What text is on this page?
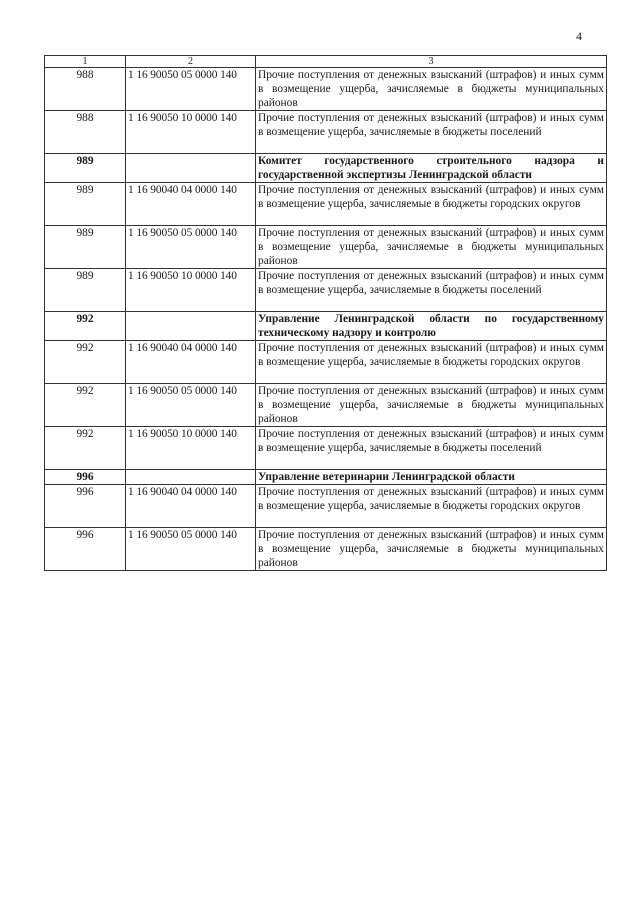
4
1	2	3
988	1 16 90050 05 0000 140	Прочие поступления от денежных взысканий (штрафов) и иных сумм в возмещение ущерба, зачисляемые в бюджеты муниципальных районов
988	1 16 90050 10 0000 140	Прочие поступления от денежных взысканий (штрафов) и иных сумм в возмещение ущерба, зачисляемые в бюджеты поселений
989		Комитет государственного строительного надзора и государственной экспертизы Ленинградской области
989	1 16 90040 04 0000 140	Прочие поступления от денежных взысканий (штрафов) и иных сумм в возмещение ущерба, зачисляемые в бюджеты городских округов
989	1 16 90050 05 0000 140	Прочие поступления от денежных взысканий (штрафов) и иных сумм в возмещение ущерба, зачисляемые в бюджеты муниципальных районов
989	1 16 90050 10 0000 140	Прочие поступления от денежных взысканий (штрафов) и иных сумм в возмещение ущерба, зачисляемые в бюджеты поселений
992		Управление Ленинградской области по государственному техническому надзору и контролю
992	1 16 90040 04 0000 140	Прочие поступления от денежных взысканий (штрафов) и иных сумм в возмещение ущерба, зачисляемые в бюджеты городских округов
992	1 16 90050 05 0000 140	Прочие поступления от денежных взысканий (штрафов) и иных сумм в возмещение ущерба, зачисляемые в бюджеты муниципальных районов
992	1 16 90050 10 0000 140	Прочие поступления от денежных взысканий (штрафов) и иных сумм в возмещение ущерба, зачисляемые в бюджеты поселений
996		Управление ветеринарии Ленинградской области
996	1 16 90040 04 0000 140	Прочие поступления от денежных взысканий (штрафов) и иных сумм в возмещение ущерба, зачисляемые в бюджеты городских округов
996	1 16 90050 05 0000 140	Прочие поступления от денежных взысканий (штрафов) и иных сумм в возмещение ущерба, зачисляемые в бюджеты муниципальных районов
